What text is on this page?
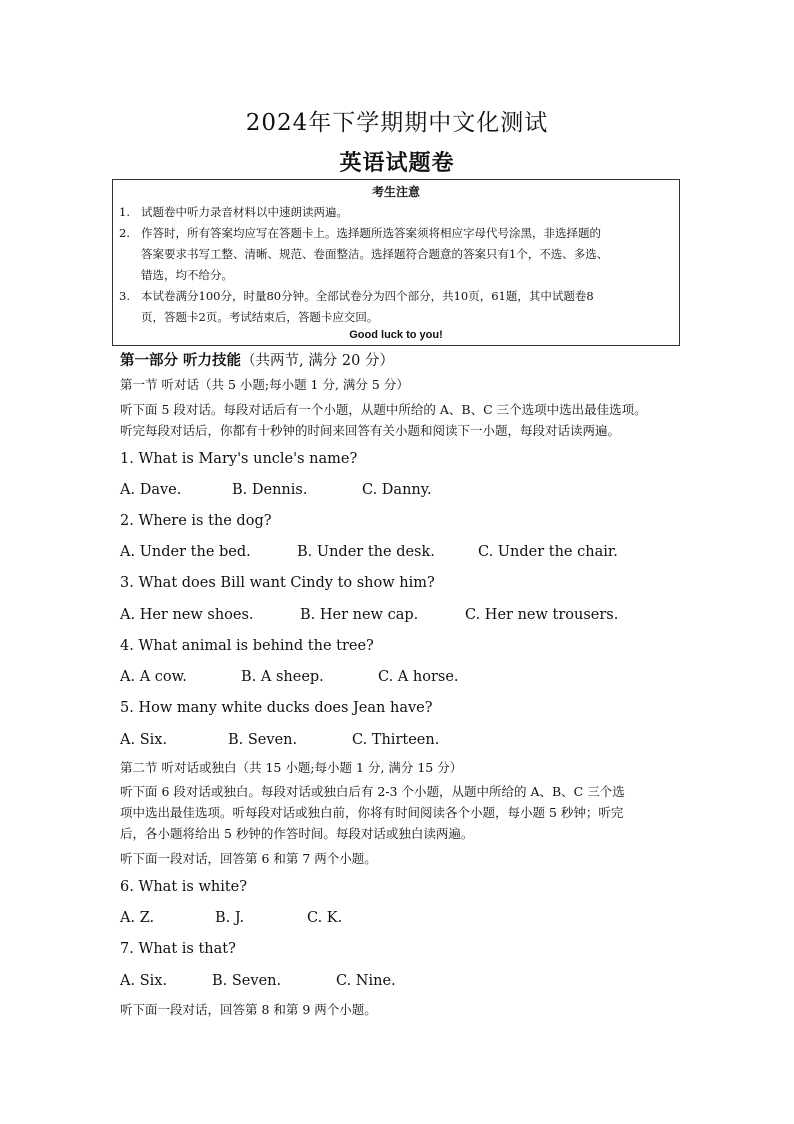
2024年下学期期中文化测试
英语试题卷
考生注意
1. 试题卷中听力录音材料以中速朗读两遍。
2. 作答时，所有答案均应写在答题卡上。选择题所选答案须将相应字母代号涂黑，非选择题的
答案要求书写工整、清晰、规范、卷面整洁。选择题符合题意的答案只有1个，不选、多选、
错选，均不给分。
3. 本试卷满分100分，时量80分钟。全部试卷分为四个部分，共10页，61题，其中试题卷8
页，答题卡2页。考试结束后，答题卡应交回。
Good luck to you!
第一部分 听力技能（共两节, 满分 20 分）
第一节 听对话（共 5 小题;每小题 1 分, 满分 5 分）
听下面 5 段对话。每段对话后有一个小题，从题中所给的 A、B、C 三个选项中选出最佳选项。
听完每段对话后，你都有十秒钟的时间来回答有关小题和阅读下一小题，每段对话读两遍。
1. What is Mary's uncle's name?
A. Dave.	B. Dennis.	C. Danny.
2. Where is the dog?
A. Under the bed.	B. Under the desk.	C. Under the chair.
3. What does Bill want Cindy to show him?
A. Her new shoes.	B. Her new cap.	C. Her new trousers.
4. What animal is behind the tree?
A. A cow.	B. A sheep.	C. A horse.
5. How many white ducks does Jean have?
A. Six.	B. Seven.	C. Thirteen.
第二节 听对话或独白（共 15 小题;每小题 1 分, 满分 15 分）
听下面 6 段对话或独白。每段对话或独白后有 2-3 个小题，从题中所给的 A、B、C 三个选
项中选出最佳选项。听每段对话或独白前，你将有时间阅读各个小题，每小题 5 秒钟；听完
后，各小题将给出 5 秒钟的作答时间。每段对话或独白读两遍。
听下面一段对话，回答第 6 和第 7 两个小题。
6. What is white?
A. Z.	B. J.	C. K.
7. What is that?
A. Six.	B. Seven.	C. Nine.
听下面一段对话，回答第 8 和第 9 两个小题。
